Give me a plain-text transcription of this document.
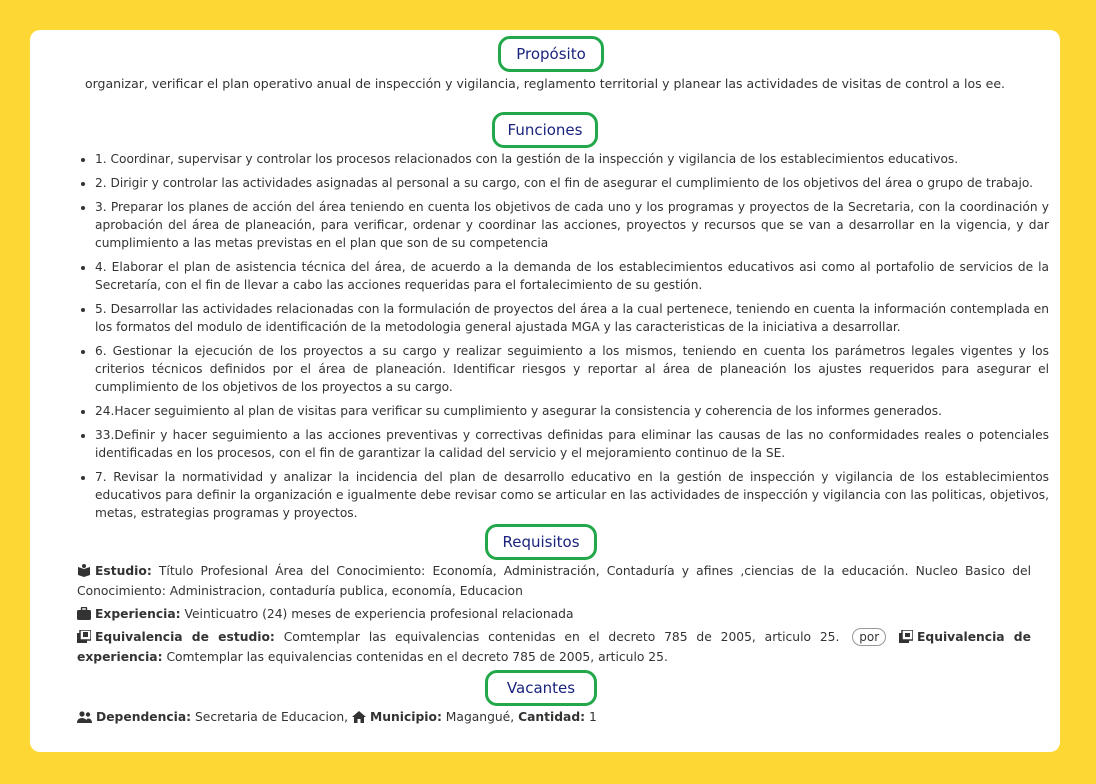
Propósito
organizar, verificar el plan operativo anual de inspección y vigilancia, reglamento territorial y planear las actividades de visitas de control a los ee.
Funciones
• 1. Coordinar, supervisar y controlar los procesos relacionados con la gestión de la inspección y vigilancia de los establecimientos educativos.
• 2. Dirigir y controlar las actividades asignadas al personal a su cargo, con el fin de asegurar el cumplimiento de los objetivos del área o grupo de trabajo.
• 3. Preparar los planes de acción del área teniendo en cuenta los objetivos de cada uno y los programas y proyectos de la Secretaria, con la coordinación y aprobación del área de planeación, para verificar, ordenar y coordinar las acciones, proyectos y recursos que se van a desarrollar en la vigencia, y dar cumplimiento a las metas previstas en el plan que son de su competencia
• 4. Elaborar el plan de asistencia técnica del área, de acuerdo a la demanda de los establecimientos educativos asi como al portafolio de servicios de la Secretaría, con el fin de llevar a cabo las acciones requeridas para el fortalecimiento de su gestión.
• 5. Desarrollar las actividades relacionadas con la formulación de proyectos del área a la cual pertenece, teniendo en cuenta la información contemplada en los formatos del modulo de identificación de la metodologia general ajustada MGA y las caracteristicas de la iniciativa a desarrollar.
• 6. Gestionar la ejecución de los proyectos a su cargo y realizar seguimiento a los mismos, teniendo en cuenta los parámetros legales vigentes y los criterios técnicos definidos por el área de planeación. Identificar riesgos y reportar al área de planeación los ajustes requeridos para asegurar el cumplimiento de los objetivos de los proyectos a su cargo.
• 24.Hacer seguimiento al plan de visitas para verificar su cumplimiento y asegurar la consistencia y coherencia de los informes generados.
• 33.Definir y hacer seguimiento a las acciones preventivas y correctivas definidas para eliminar las causas de las no conformidades reales o potenciales identificadas en los procesos, con el fin de garantizar la calidad del servicio y el mejoramiento continuo de la SE.
• 7. Revisar la normatividad y analizar la incidencia del plan de desarrollo educativo en la gestión de inspección y vigilancia de los establecimientos educativos para definir la organización e igualmente debe revisar como se articular en las actividades de inspección y vigilancia con las politicas, objetivos, metas, estrategias programas y proyectos.
Requisitos
Estudio: Título Profesional Área del Conocimiento: Economía, Administración, Contaduría y afines ,ciencias de la educación. Nucleo Basico del Conocimiento: Administracion, contaduría publica, economía, Educacion
Experiencia: Veinticuatro (24) meses de experiencia profesional relacionada
Equivalencia de estudio: Comtemplar las equivalencias contenidas en el decreto 785 de 2005, articulo 25. por	Equivalencia de experiencia: Comtemplar las equivalencias contenidas en el decreto 785 de 2005, articulo 25.
Vacantes
Dependencia: Secretaria de Educacion, Municipio: Magangué, Cantidad: 1
